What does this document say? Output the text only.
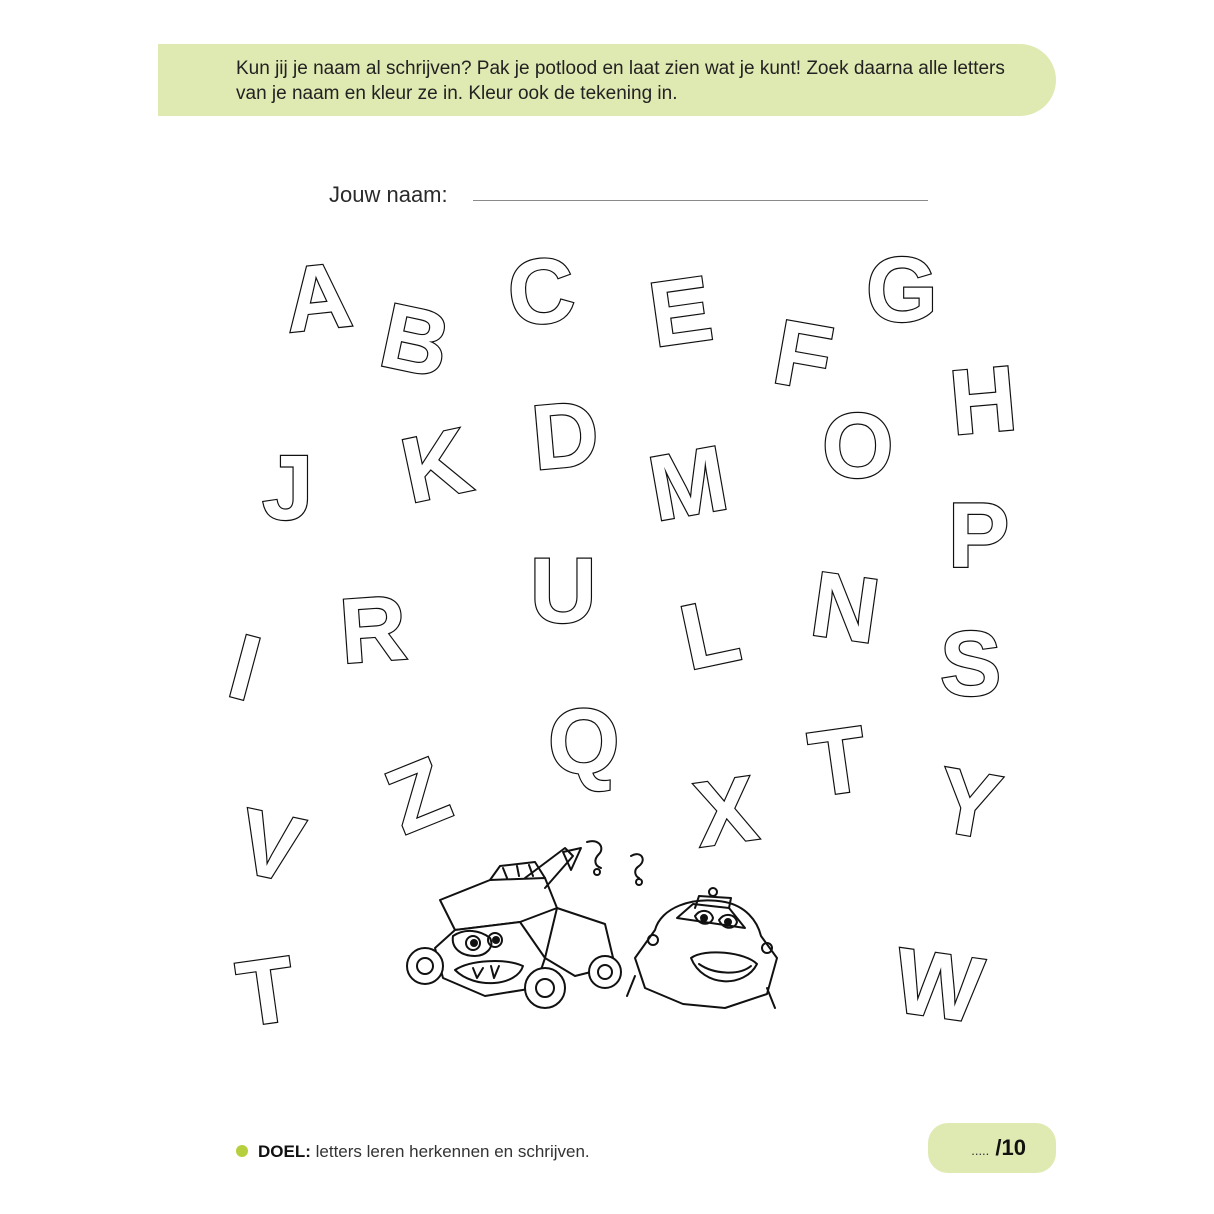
Kun jij je naam al schrijven? Pak je potlood en laat zien wat je kunt! Zoek daarna alle letters van je naam en kleur ze in. Kleur ook de tekening in.
Jouw naam:
A B C E F
G
H
J K D M O
P
I R U L N
S
Q T
Z X Y
V
T	W
DOEL: letters leren herkennen en schrijven.	..... /10
